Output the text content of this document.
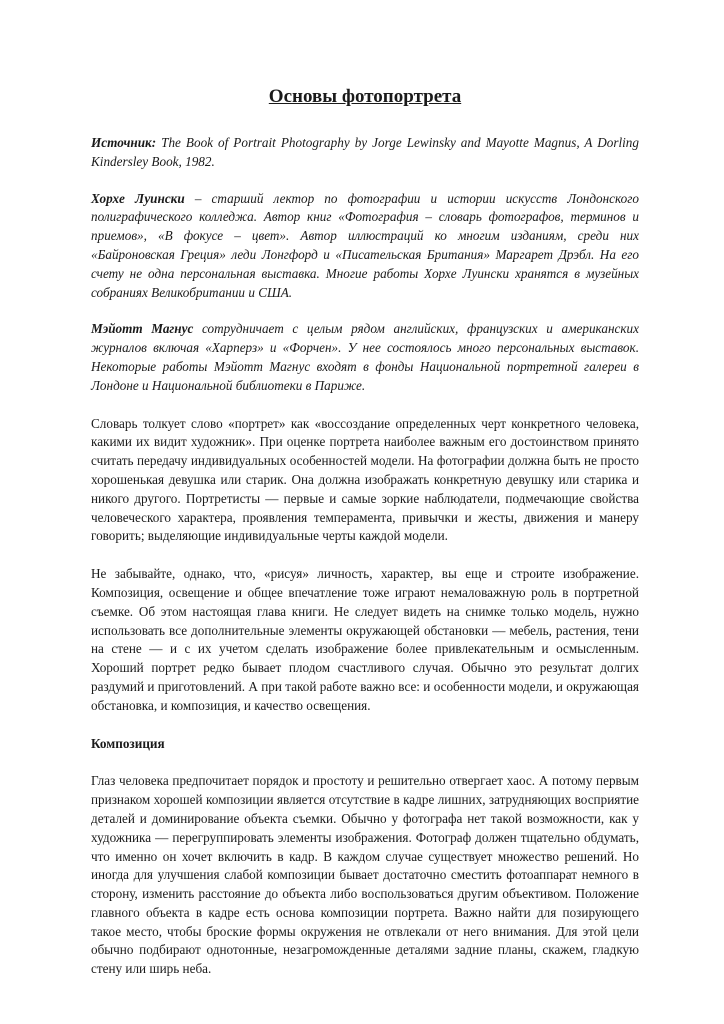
Основы фотопортрета

Источник: The Book of Portrait Photography by Jorge Lewinsky and Mayotte Magnus, A Dorling Kindersley Book, 1982.

Хорхе Луински – старший лектор по фотографии и истории искусств Лондонского полиграфического колледжа. Автор книг «Фотография – словарь фотографов, терминов и приемов», «В фокусе – цвет». Автор иллюстраций ко многим изданиям, среди них «Байроновская Греция» леди Лонгфорд и «Писательская Британия» Маргарет Дрэбл. На его счету не одна персональная выставка. Многие работы Хорхе Луински хранятся в музейных собраниях Великобритании и США.

Мэйотт Магнус сотрудничает с целым рядом английских, французских и американских журналов включая «Харперз» и «Форчен». У нее состоялось много персональных выставок. Некоторые работы Мэйотт Магнус входят в фонды Национальной портретной галереи в Лондоне и Национальной библиотеки в Париже.

Словарь толкует слово «портрет» как «воссоздание определенных черт конкретного человека, какими их видит художник». При оценке портрета наиболее важным его достоинством принято считать передачу индивидуальных особенностей модели. На фотографии должна быть не просто хорошенькая девушка или старик. Она должна изображать конкретную девушку или старика и никого другого. Портретисты — первые и самые зоркие наблюдатели, подмечающие свойства человеческого характера, проявления темперамента, привычки и жесты, движения и манеру говорить; выделяющие индивидуальные черты каждой модели.

Не забывайте, однако, что, «рисуя» личность, характер, вы еще и строите изображение. Композиция, освещение и общее впечатление тоже играют немаловажную роль в портретной съемке. Об этом настоящая глава книги. Не следует видеть на снимке только модель, нужно использовать все дополнительные элементы окружающей обстановки — мебель, растения, тени на стене — и с их учетом сделать изображение более привлекательным и осмысленным. Хороший портрет редко бывает плодом счастливого случая. Обычно это результат долгих раздумий и приготовлений. А при такой работе важно все: и особенности модели, и окружающая обстановка, и композиция, и качество освещения.

Композиция

Глаз человека предпочитает порядок и простоту и решительно отвергает хаос. А потому первым признаком хорошей композиции является отсутствие в кадре лишних, затрудняющих восприятие деталей и доминирование объекта съемки. Обычно у фотографа нет такой возможности, как у художника — перегруппировать элементы изображения. Фотограф должен тщательно обдумать, что именно он хочет включить в кадр. В каждом случае существует множество решений. Но иногда для улучшения слабой композиции бывает достаточно сместить фотоаппарат немного в сторону, изменить расстояние до объекта либо воспользоваться другим объективом. Положение главного объекта в кадре есть основа композиции портрета. Важно найти для позирующего такое место, чтобы броские формы окружения не отвлекали от него внимания. Для этой цели обычно подбирают однотонные, незагроможденные деталями задние планы, скажем, гладкую стену или ширь неба.
